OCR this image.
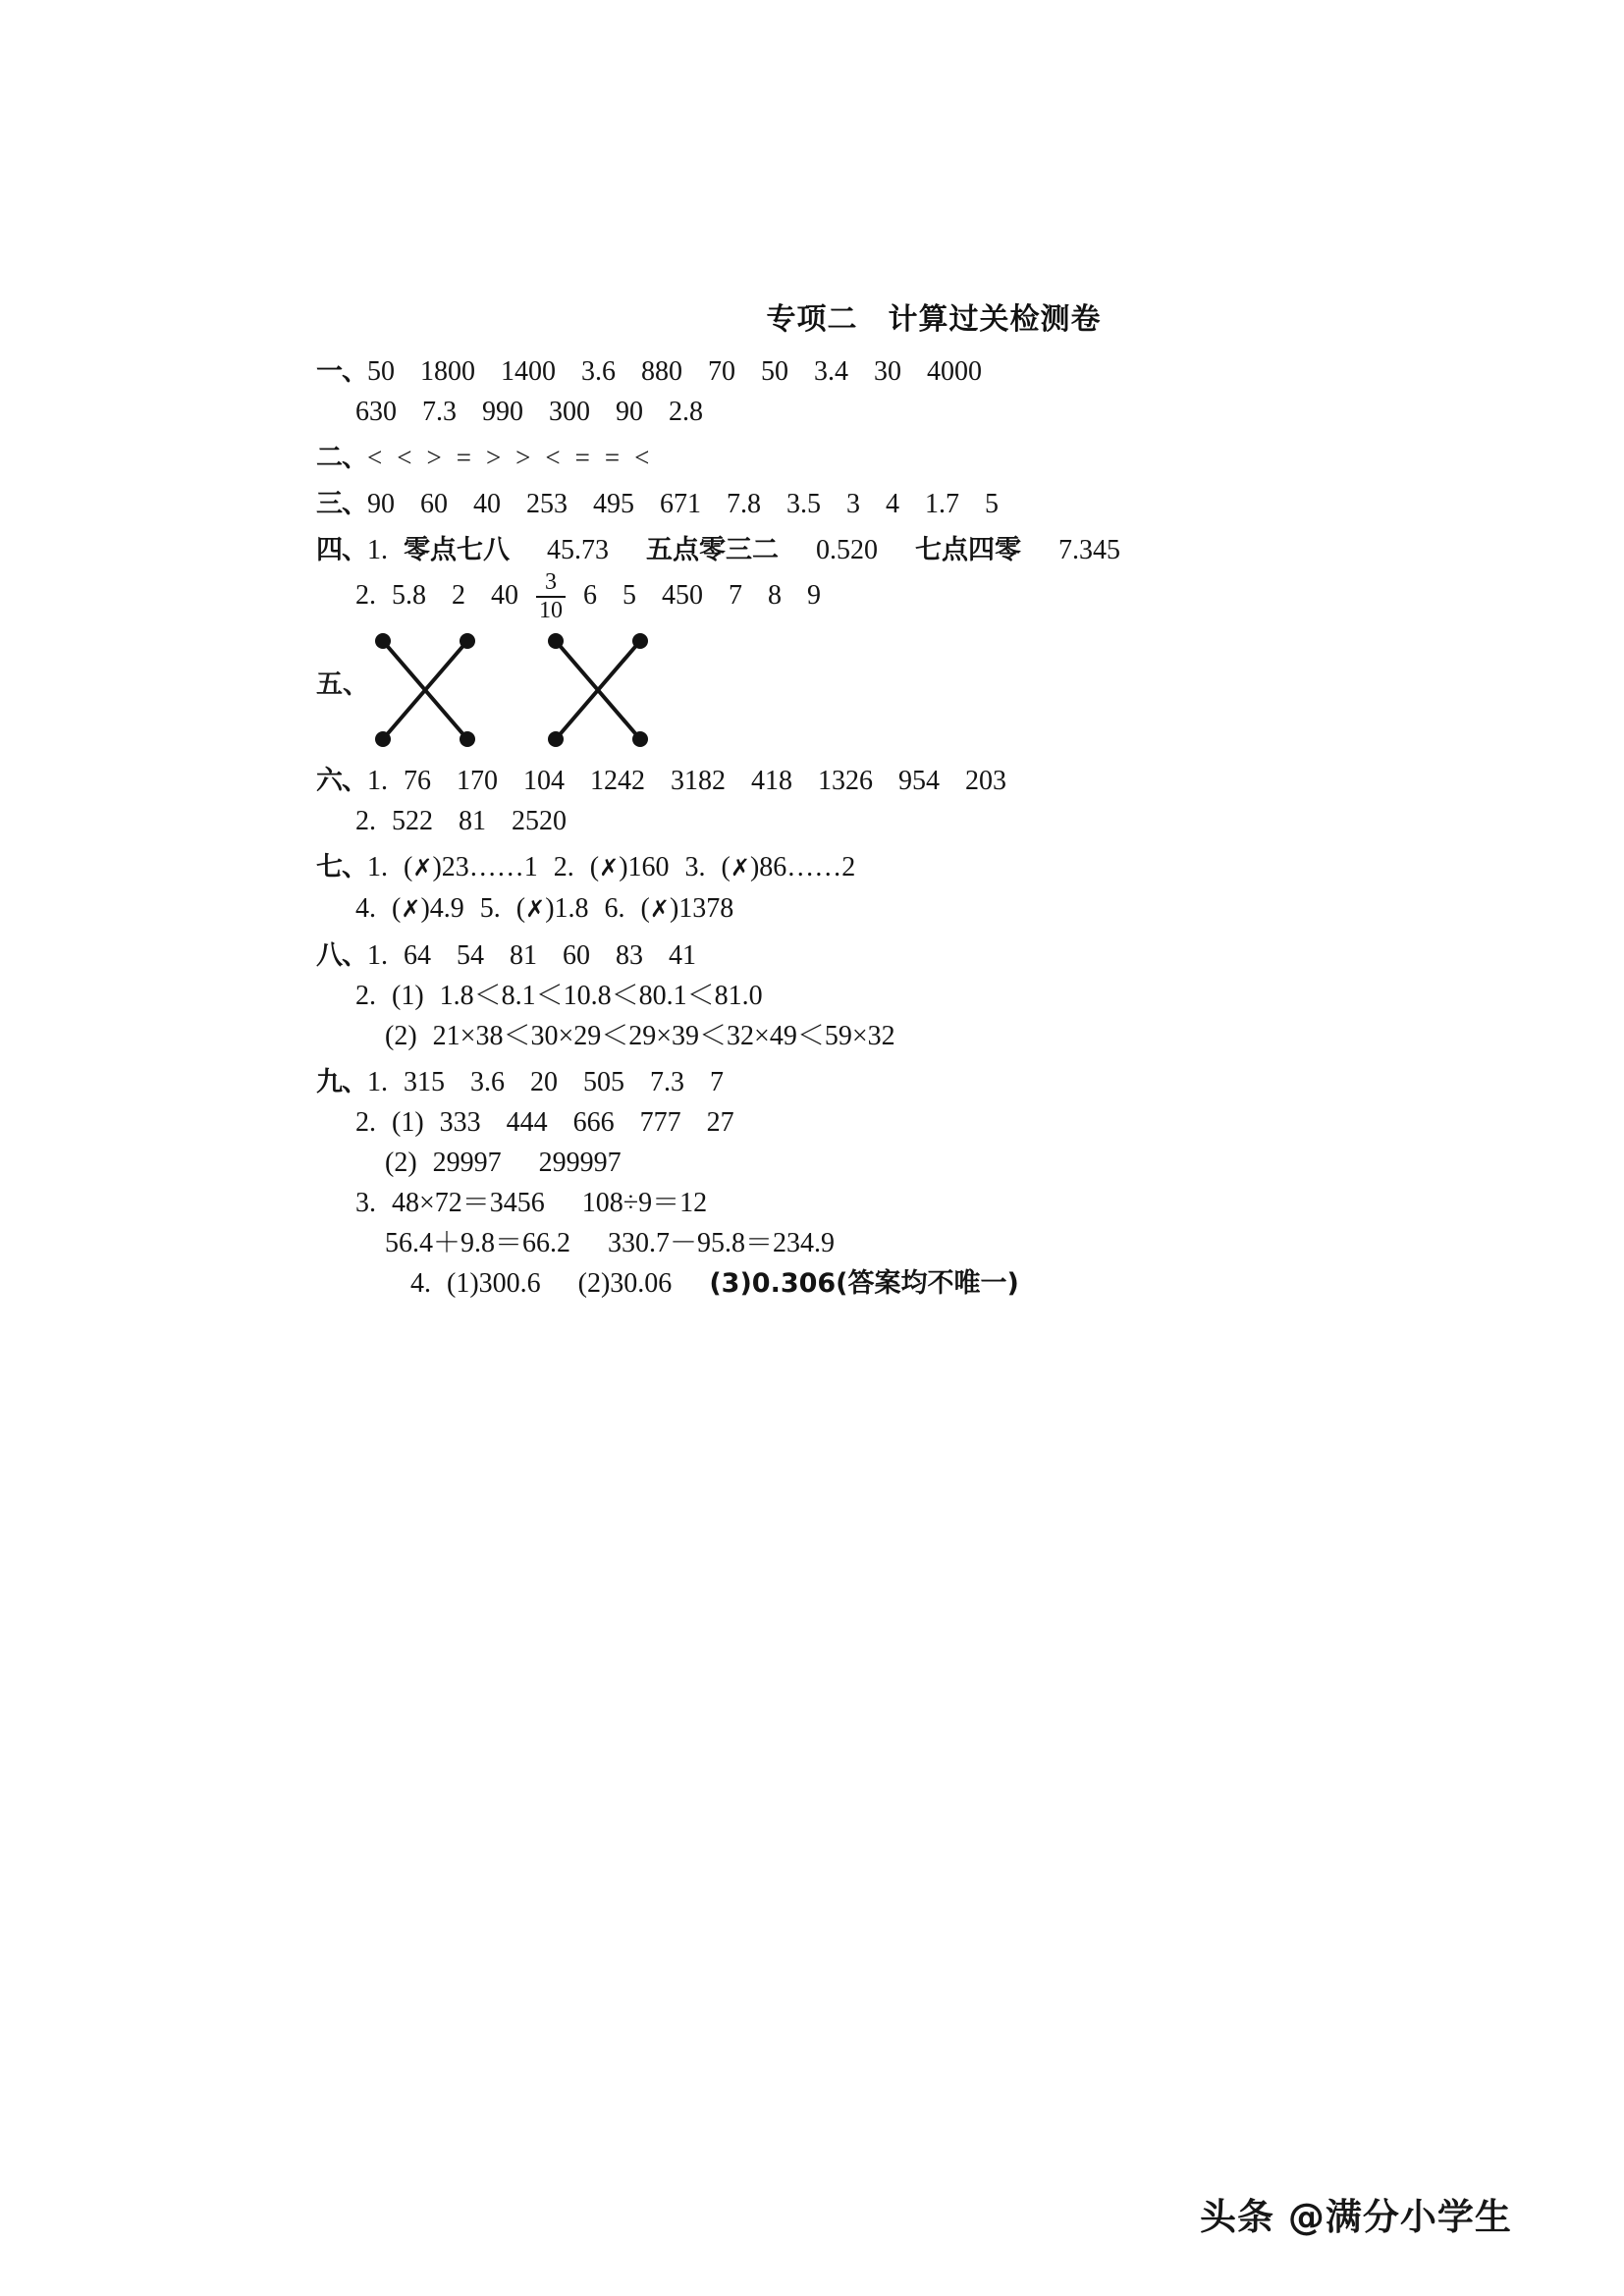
专项二　计算过关检测卷
一、50 1800 1400 3.6 880 70 50 3.4 30 4000
630 7.3 990 300 90 2.8
二、< < > = > > < = = <
三、90 60 40 253 495 671 7.8 3.5 3 4 1.7 5
四、1. 零点七八 45.73 五点零三二 0.520 七点四零 7.345
2. 5.8 2 $40 \frac{3}{10} 6$ 5 450 7 8 9
五、
六、1. 76 170 104 1242 3182 418 1326 954 203
2. 522 81 2520
七、1. (✗)23……1 2. (✗)160 3. (✗)86……2
4. (✗)4.9 5. (✗)1.8 6. (✗)1378
八、1. 64 54 81 60 83 41
2. (1) 1.8＜8.1＜10.8＜80.1＜81.0
(2) 21×38＜30×29＜29×39＜32×49＜59×32
九、1. 315 3.6 20 505 7.3 7
2. (1) 333 444 666 777 27
(2) 29997 299997
3. 48×72＝3456 108÷9＝12
56.4＋9.8＝66.2 330.7－95.8＝234.9
4. (1)300.6 (2)30.06 (3)0.306(答案均不唯一)
头条 @满分小学生
